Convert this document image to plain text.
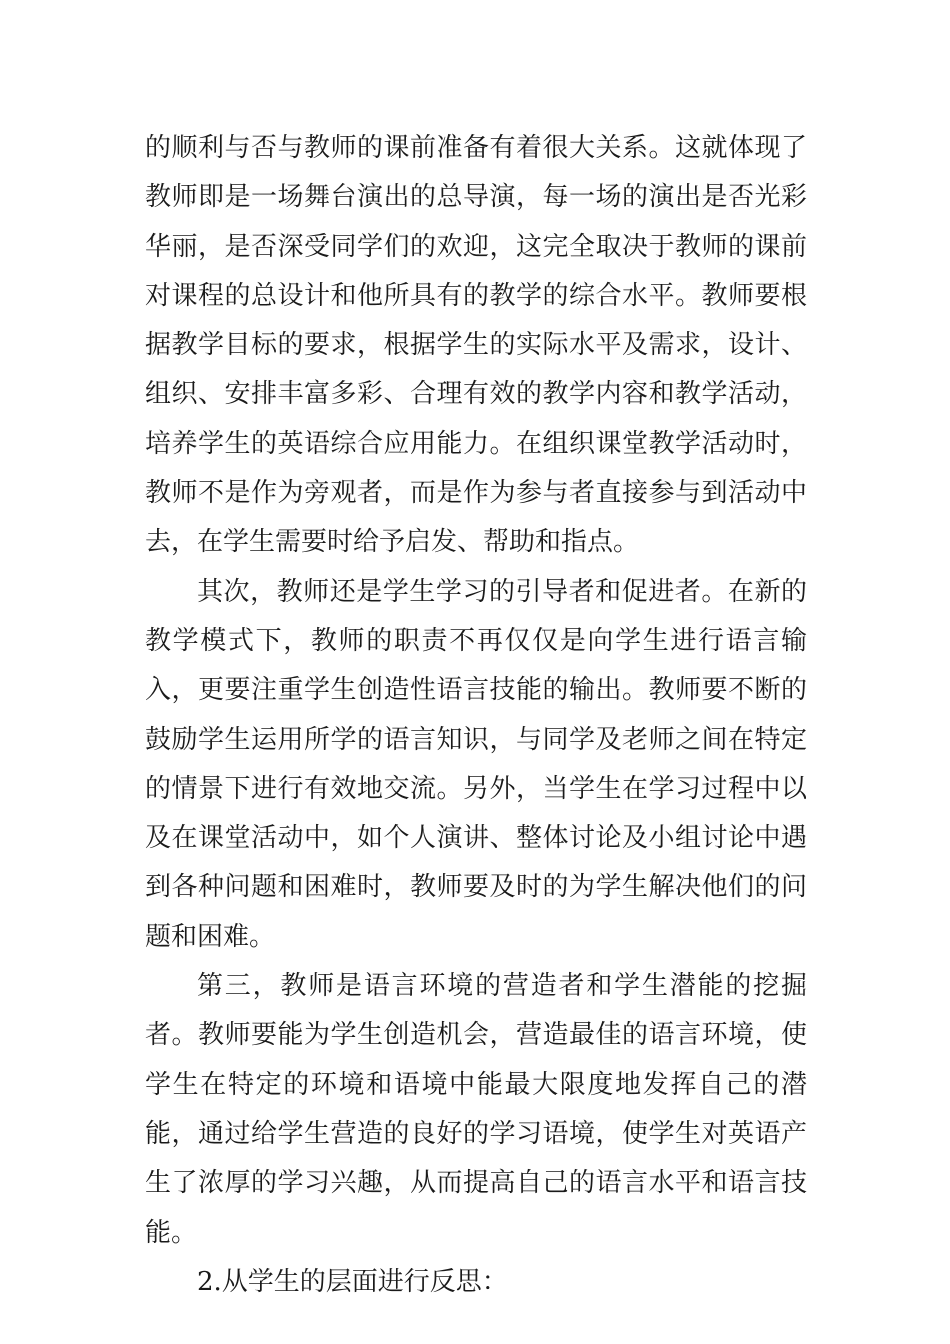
的顺利与否与教师的课前准备有着很大关系。这就体现了教师即是一场舞台演出的总导演，每一场的演出是否光彩华丽，是否深受同学们的欢迎，这完全取决于教师的课前对课程的总设计和他所具有的教学的综合水平。教师要根据教学目标的要求，根据学生的实际水平及需求，设计、组织、安排丰富多彩、合理有效的教学内容和教学活动，培养学生的英语综合应用能力。在组织课堂教学活动时，教师不是作为旁观者，而是作为参与者直接参与到活动中去，在学生需要时给予启发、帮助和指点。

其次，教师还是学生学习的引导者和促进者。在新的教学模式下，教师的职责不再仅仅是向学生进行语言输入，更要注重学生创造性语言技能的输出。教师要不断的鼓励学生运用所学的语言知识，与同学及老师之间在特定的情景下进行有效地交流。另外，当学生在学习过程中以及在课堂活动中，如个人演讲、整体讨论及小组讨论中遇到各种问题和困难时，教师要及时的为学生解决他们的问题和困难。

第三，教师是语言环境的营造者和学生潜能的挖掘者。教师要能为学生创造机会，营造最佳的语言环境，使学生在特定的环境和语境中能最大限度地发挥自己的潜能，通过给学生营造的良好的学习语境，使学生对英语产生了浓厚的学习兴趣，从而提高自己的语言水平和语言技能。

2.从学生的层面进行反思：
